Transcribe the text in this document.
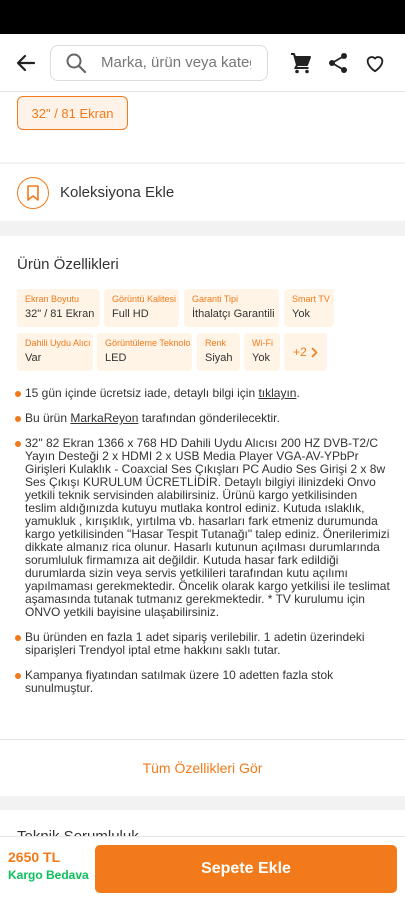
Marka, ürün veya kategori ara
32" / 81 Ekran
Koleksiyona Ekle
Ürün Özellikleri
Ekran Boyutu
32" / 81 Ekran
Görüntü Kalitesi
Full HD
Garanti Tipi
İthalatçı Garantili
Smart TV
Yok
Dahili Uydu Alıcı
Var
Görüntüleme Teknolo
LED
Renk
Siyah
Wi-Fi
Yok	+2
15 gün içinde ücretsiz iade, detaylı bilgi için tıklayın.
Bu ürün MarkaReyon tarafından gönderilecektir.
32" 82 Ekran 1366 x 768 HD Dahili Uydu Alıcısı 200 HZ DVB-T2/C Yayın Desteği 2 x HDMI 2 x USB Media Player VGA-AV-YPbPr Girişleri Kulaklık - Coaxcial Ses Çıkışları PC Audio Ses Girişi 2 x 8w Ses Çıkışı KURULUM ÜCRETLİDİR. Detaylı bilgiyi ilinizdeki Onvo yetkili teknik servisinden alabilirsiniz. Ürünü kargo yetkilisinden teslim aldığınızda kutuyu mutlaka kontrol ediniz. Kutuda ıslaklık, yamukluk , kırışıklık, yırtılma vb. hasarları fark etmeniz durumunda kargo yetkilisinden "Hasar Tespit Tutanağı" talep ediniz. Önerilerimizi dikkate almanız rica olunur. Hasarlı kutunun açılması durumlarında sorumluluk firmamıza ait değildir. Kutuda hasar fark edildiği durumlarda sizin veya servis yetkilileri tarafından kutu açılımı yapılmaması gerekmektedir. Öncelik olarak kargo yetkilisi ile teslimat aşamasında tutanak tutmanız gerekmektedir. * TV kurulumu için ONVO yetkili bayisine ulaşabilirsiniz.
Bu üründen en fazla 1 adet sipariş verilebilir. 1 adetin üzerindeki siparişleri Trendyol iptal etme hakkını saklı tutar.
Kampanya fiyatından satılmak üzere 10 adetten fazla stok sunulmuştur.
Tüm Özellikleri Gör
2650 TL
Kargo Bedava	Sepete Ekle
